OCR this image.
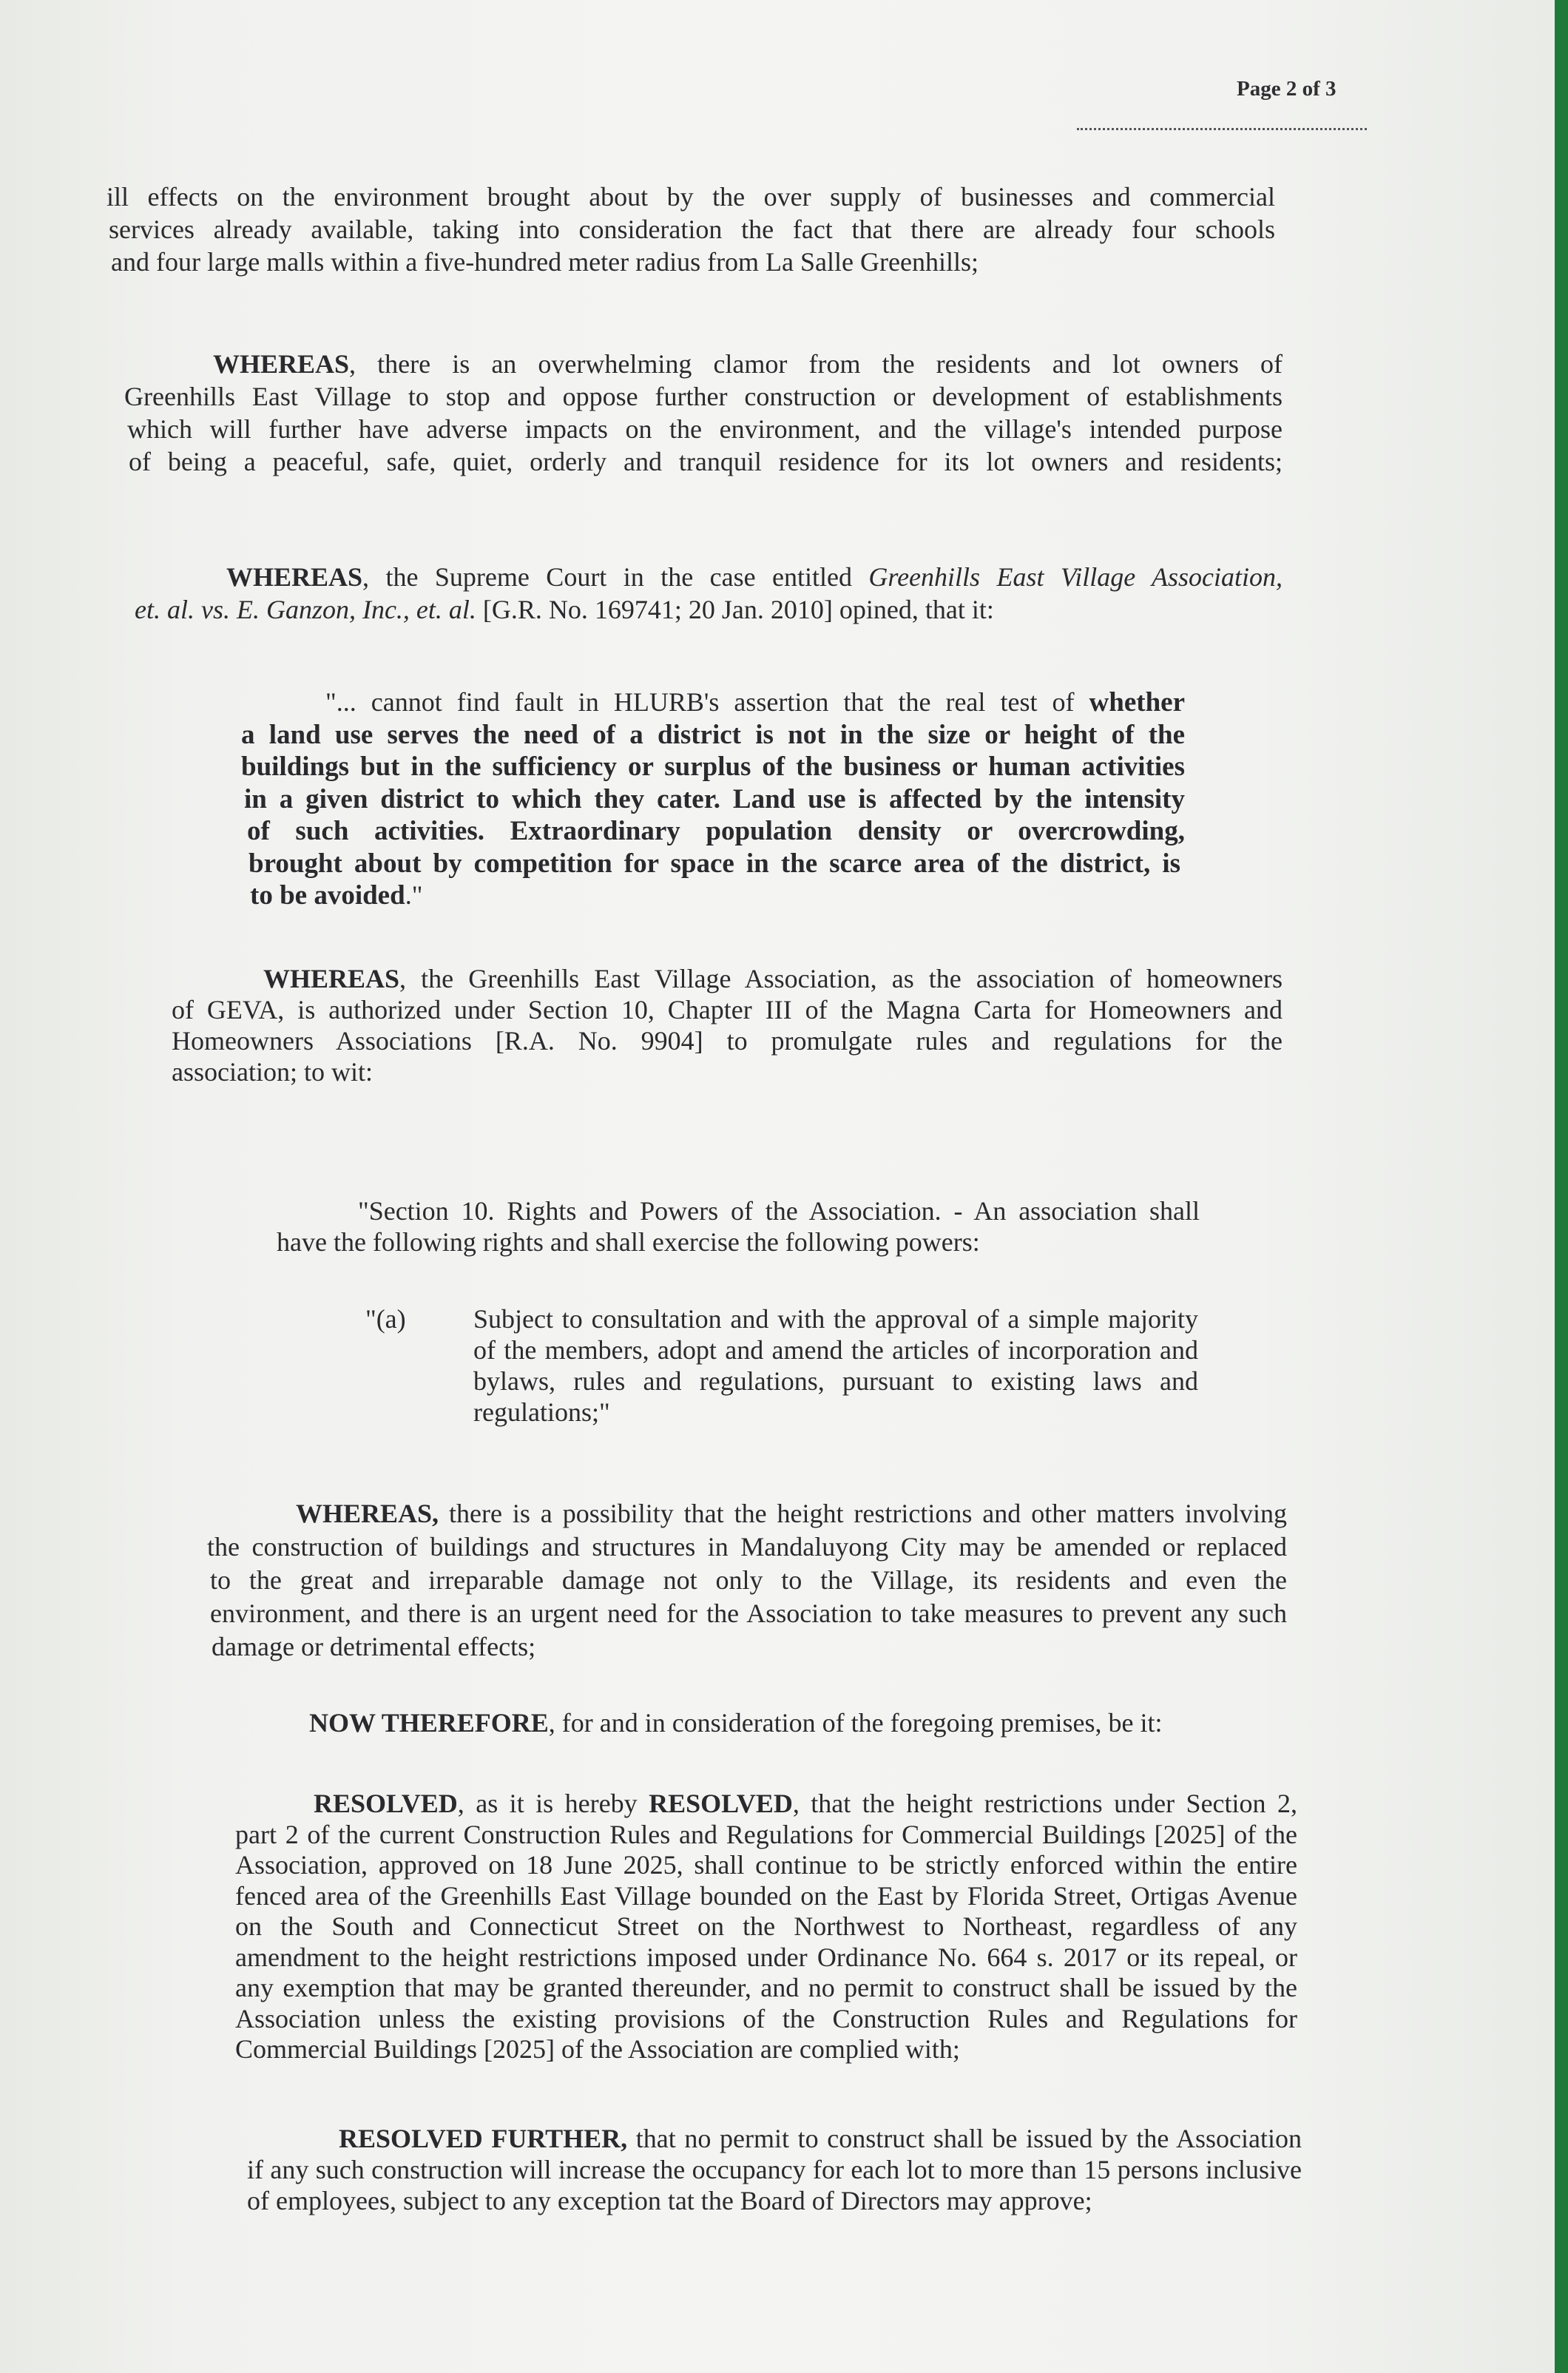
Page 2 of 3
ill effects on the environment brought about by the over supply of businesses and commercial
services already available, taking into consideration the fact that there are already four schools
and four large malls within a five-hundred meter radius from La Salle Greenhills;
WHEREAS, there is an overwhelming clamor from the residents and lot owners of
Greenhills East Village to stop and oppose further construction or development of establishments
which will further have adverse impacts on the environment, and the village's intended purpose
of being a peaceful, safe, quiet, orderly and tranquil residence for its lot owners and residents;
WHEREAS, the Supreme Court in the case entitled Greenhills East Village Association,
et. al. vs. E. Ganzon, Inc., et. al. [G.R. No. 169741; 20 Jan. 2010] opined, that it:
"... cannot find fault in HLURB's assertion that the real test of whether
a land use serves the need of a district is not in the size or height of the
buildings but in the sufficiency or surplus of the business or human activities
in a given district to which they cater. Land use is affected by the intensity
of such activities. Extraordinary population density or overcrowding,
brought about by competition for space in the scarce area of the district, is
to be avoided."
WHEREAS, the Greenhills East Village Association, as the association of homeowners
of GEVA, is authorized under Section 10, Chapter III of the Magna Carta for Homeowners and
Homeowners Associations [R.A. No. 9904] to promulgate rules and regulations for the
association; to wit:
"Section 10. Rights and Powers of the Association. - An association shall
have the following rights and shall exercise the following powers:
"(a)	Subject to consultation and with the approval of a simple majority
of the members, adopt and amend the articles of incorporation and
bylaws, rules and regulations, pursuant to existing laws and
regulations;"
WHEREAS, there is a possibility that the height restrictions and other matters involving
the construction of buildings and structures in Mandaluyong City may be amended or replaced
to the great and irreparable damage not only to the Village, its residents and even the
environment, and there is an urgent need for the Association to take measures to prevent any such
damage or detrimental effects;
NOW THEREFORE, for and in consideration of the foregoing premises, be it:
RESOLVED, as it is hereby RESOLVED, that the height restrictions under Section 2,
part 2 of the current Construction Rules and Regulations for Commercial Buildings [2025] of the
Association, approved on 18 June 2025, shall continue to be strictly enforced within the entire
fenced area of the Greenhills East Village bounded on the East by Florida Street, Ortigas Avenue
on the South and Connecticut Street on the Northwest to Northeast, regardless of any
amendment to the height restrictions imposed under Ordinance No. 664 s. 2017 or its repeal, or
any exemption that may be granted thereunder, and no permit to construct shall be issued by the
Association unless the existing provisions of the Construction Rules and Regulations for
Commercial Buildings [2025] of the Association are complied with;
RESOLVED FURTHER, that no permit to construct shall be issued by the Association
if any such construction will increase the occupancy for each lot to more than 15 persons inclusive
of employees, subject to any exception tat the Board of Directors may approve;
